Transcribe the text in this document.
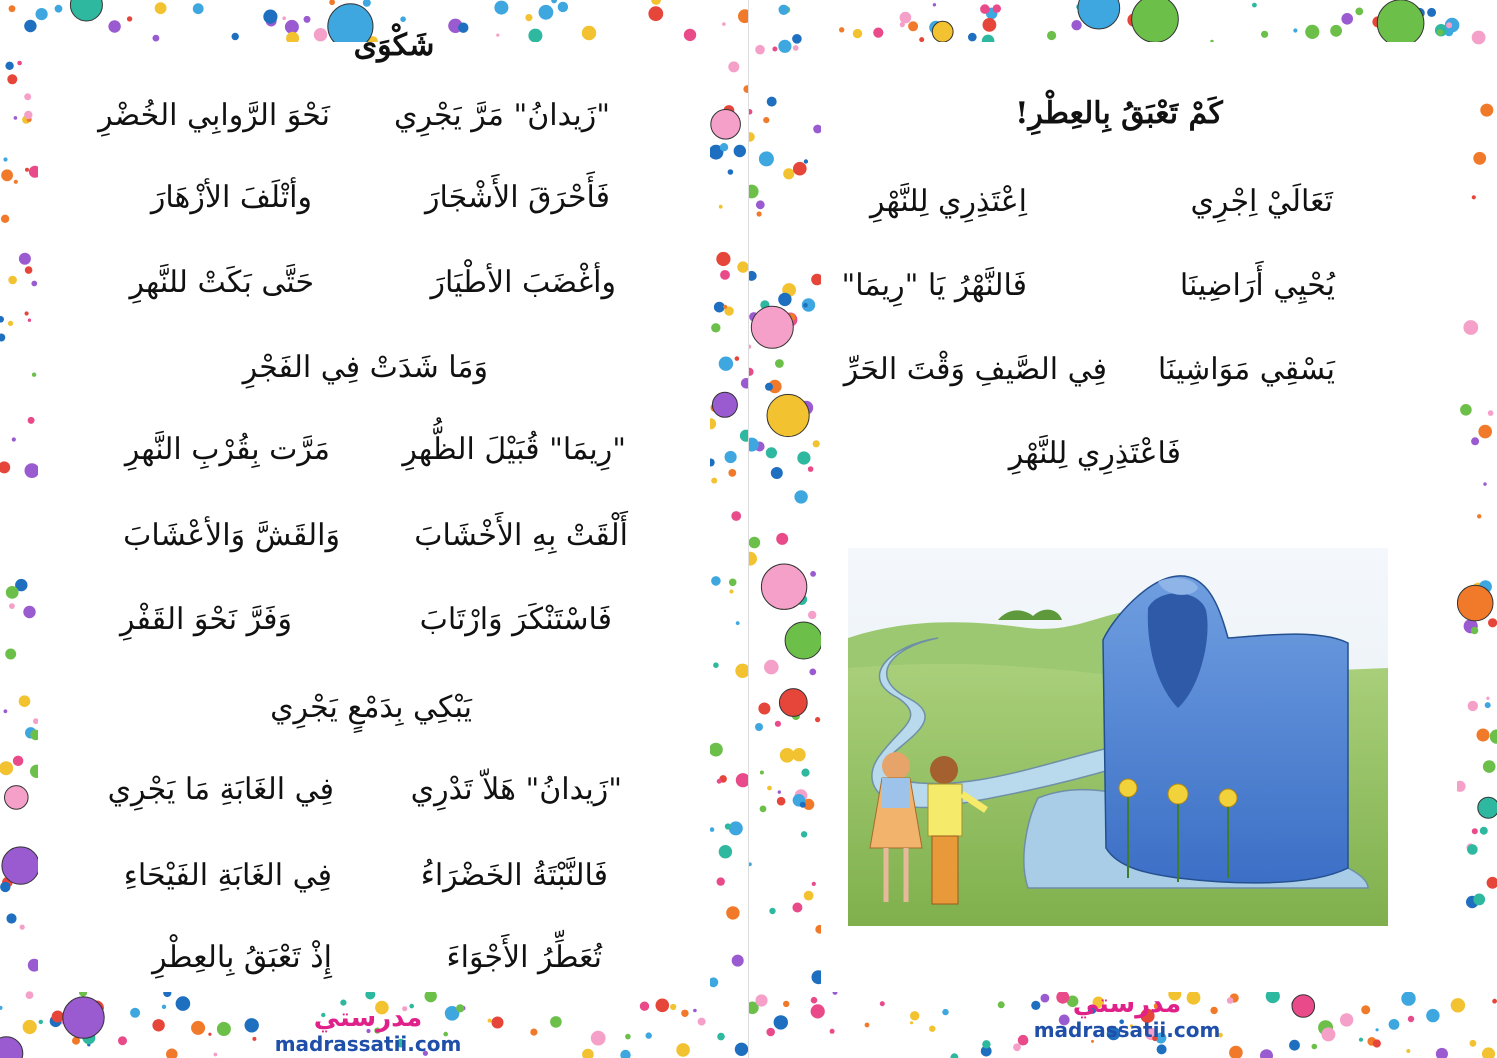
شَكْوَى
"زَيدانُ" مَرَّ يَجْرِي
نَحْوَ الرَّوابِي الخُضْرِ
فَأَحْرَقَ الأَشْجَارَ
وأتْلَفَ الأزْهَارَ
وأغْضَبَ الأطْيَارَ
حَتَّى بَكَتْ للنَّهرِ
وَمَا شَدَتْ فِي الفَجْرِ
"رِيمَا" قُبَيْلَ الظُّهرِ
مَرَّت بِقُرْبِ النَّهرِ
أَلْقَتْ بِهِ الأَخْشَابَ
وَالقَشَّ وَالأعْشَابَ
فَاسْتَنْكَرَ وَارْتَابَ
وَفَرَّ نَحْوَ القَفْرِ
يَبْكِي بِدَمْعٍ يَجْرِي
"زَيدانُ" هَلاّ تَدْرِي
فِي الغَابَةِ مَا يَجْرِي
فَالنَّبْتَةُ الخَضْرَاءُ
فِي الغَابَةِ الفَيْحَاءِ
تُعَطِّرُ الأَجْوَاءَ
إِذْ تَعْبَقُ بِالعِطْرِ
مدرستي
madrassatii.com
كَمْ تَعْبَقُ بِالعِطْرِ!
تَعَالَيْ اِجْرِي
اِعْتَذِرِي لِلنَّهْرِ
يُحْيِي أَرَاضِينَا
فَالنَّهْرُ يَا "رِيمَا"
يَسْقِي مَوَاشِينَا
فِي الصَّيفِ وَقْتَ الحَرِّ
فَاعْتَذِرِي لِلنَّهْرِ
مدرستي
madrassatii.com
